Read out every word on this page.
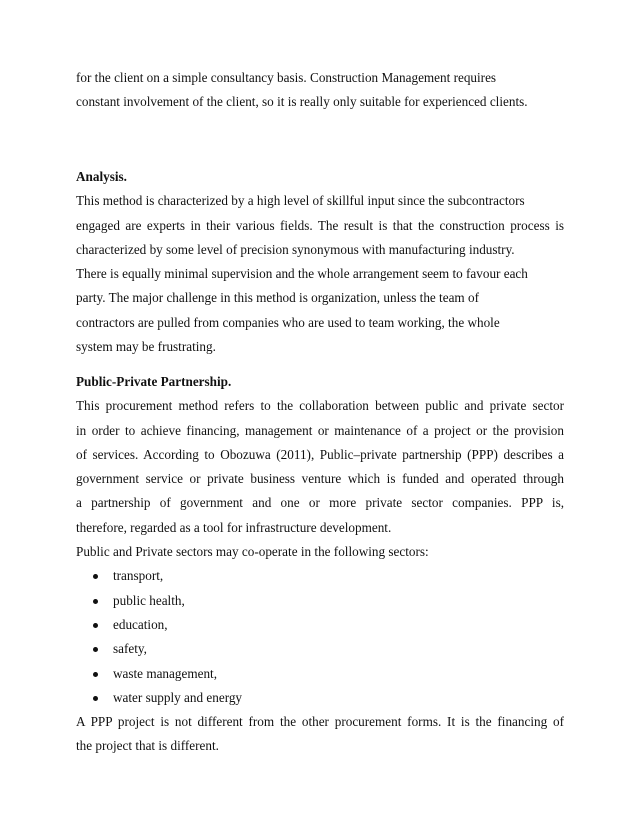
for the client on a simple consultancy basis. Construction Management requires
constant involvement of the client, so it is really only suitable for experienced clients.
Analysis.
This method is characterized by a high level of skillful input since the subcontractors
engaged are experts in their various fields. The result is that the construction process is
characterized by some level of precision synonymous with manufacturing industry.
There is equally minimal supervision and the whole arrangement seem to favour each
party. The major challenge in this method is organization, unless the team of
contractors are pulled from companies who are used to team working, the whole
system may be frustrating.
Public-Private Partnership.
This procurement method refers to the collaboration between public and private sector
in order to achieve financing, management or maintenance of a project or the provision
of services. According to Obozuwa (2011), Public–private partnership (PPP) describes a
government service or private business venture which is funded and operated through
a partnership of government and one or more private sector companies. PPP is,
therefore, regarded as a tool for infrastructure development.
Public and Private sectors may co-operate in the following sectors:
transport,
public health,
education,
safety,
waste management,
water supply and energy
A PPP project is not different from the other procurement forms. It is the financing of
the project that is different.
